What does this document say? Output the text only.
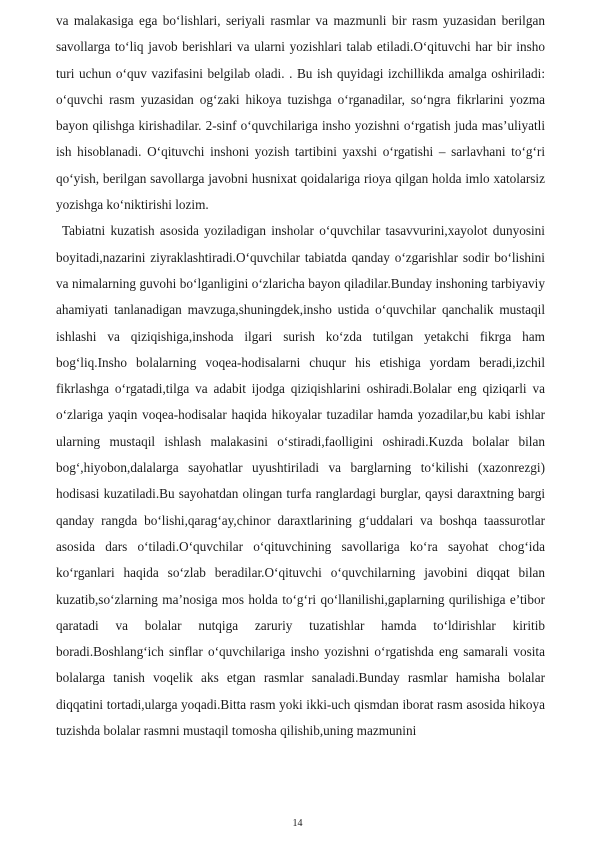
va malakasiga ega boʻlishlari, seriyali rasmlar va mazmunli bir rasm yuzasidan berilgan savollarga toʻliq javob berishlari va ularni yozishlari talab etiladi.Oʻqituvchi har bir insho turi uchun oʻquv vazifasini belgilab oladi. . Bu ish quyidagi izchillikda amalga oshiriladi: oʻquvchi rasm yuzasidan ogʻzaki hikoya tuzishga oʻrganadilar, soʻngra fikrlarini yozma bayon qilishga kirishadilar. 2-sinf oʻquvchilariga insho yozishni oʻrgatish juda mas’uliyatli ish hisoblanadi. Oʻqituvchi inshoni yozish tartibini yaxshi oʻrgatishi – sarlavhani toʻgʻri qoʻyish, berilgan savollarga javobni husnixat qoidalariga rioya qilgan holda imlo xatolarsiz yozishga koʻniktirishi lozim.

Tabiatni kuzatish asosida yoziladigan insholar oʻquvchilar tasavvurini,xayolot dunyosini boyitadi,nazarini ziyraklashtiradi.Oʻquvchilar tabiatda qanday oʻzgarishlar sodir boʻlishini va nimalarning guvohi boʻlganligini oʻzlaricha bayon qiladilar.Bunday inshoning tarbiyaviy ahamiyati tanlanadigan mavzuga,shuningdek,insho ustida oʻquvchilar qanchalik mustaqil ishlashi va qiziqishiga,inshoda ilgari surish koʻzda tutilgan yetakchi fikrga ham bogʻliq.Insho bolalarning voqea-hodisalarni chuqur his etishiga yordam beradi,izchil fikrlashga oʻrgatadi,tilga va adabit ijodga qiziqishlarini oshiradi.Bolalar eng qiziqarli va oʻzlariga yaqin voqea-hodisalar haqida hikoyalar tuzadilar hamda yozadilar,bu kabi ishlar ularning mustaqil ishlash malakasini oʻstiradi,faolligini oshiradi.Kuzda bolalar bilan bogʻ,hiyobon,dalalarga sayohatlar uyushtiriladi va barglarning toʻkilishi (xazonrezgi) hodisasi kuzatiladi.Bu sayohatdan olingan turfa ranglardagi burglar, qaysi daraxtning bargi qanday rangda boʻlishi,qaragʻay,chinor daraxtlarining gʻuddalari va boshqa taassurotlar asosida dars oʻtiladi.Oʻquvchilar oʻqituvchining savollariga koʻra sayohat chogʻida koʻrganlari haqida soʻzlab beradilar.Oʻqituvchi oʻquvchilarning javobini diqqat bilan kuzatib,soʻzlarning ma’nosiga mos holda toʻgʻri qoʻllanilishi,gaplarning qurilishiga e’tibor qaratadi va bolalar nutqiga zaruriy tuzatishlar hamda toʻldirishlar kiritib boradi.Boshlangʻich sinflar oʻquvchilariga insho yozishni oʻrgatishda eng samarali vosita bolalarga tanish voqelik aks etgan rasmlar sanaladi.Bunday rasmlar hamisha bolalar diqqatini tortadi,ularga yoqadi.Bitta rasm yoki ikki-uch qismdan iborat rasm asosida hikoya tuzishda bolalar rasmni mustaqil tomosha qilishib,uning mazmunini

14
